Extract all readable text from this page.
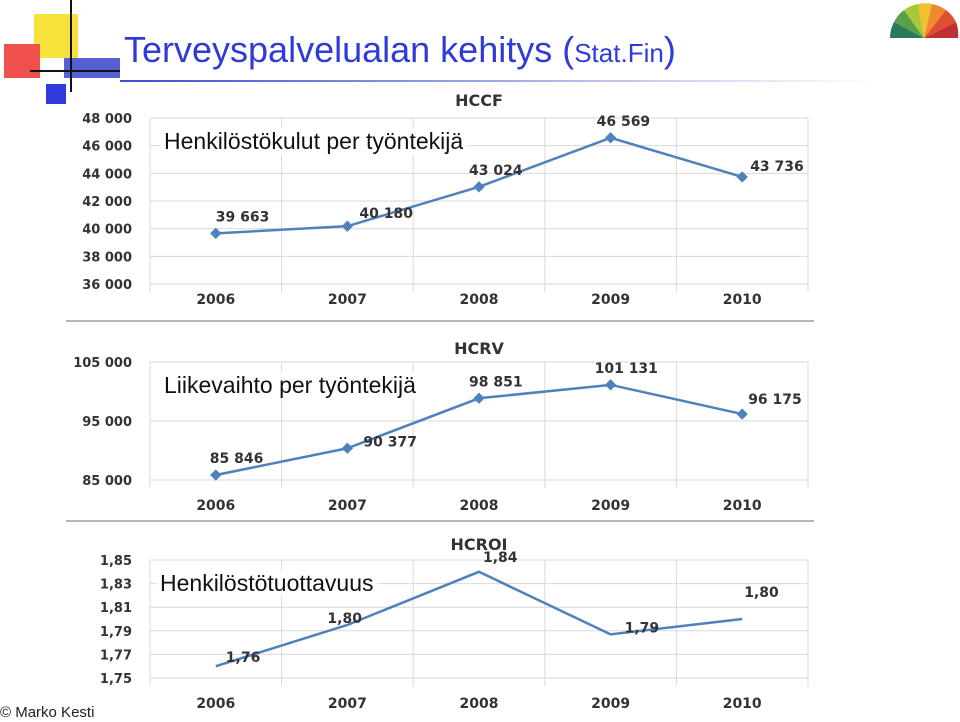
Terveyspalvelualan kehitys (Stat.Fin)
HCCF
36 000
38 000
40 000
42 000
44 000
46 000
48 000
2006	2007	2008	2009	2010
39 663	40 180
43 024
46 569
43 736
Henkilöstökulut per työntekijä
HCRV
85 000
95 000
105 000
2006	2007	2008	2009	2010
85 846
90 377
98 851
101 131
96 175
Liikevaihto per työntekijä
HCROI
1,75
1,77
1,79
1,81
1,83
1,85
2006	2007	2008	2009	2010
1,76
1,80
1,84
1,79
1,80
Henkilöstötuottavuus
© Marko Kesti
